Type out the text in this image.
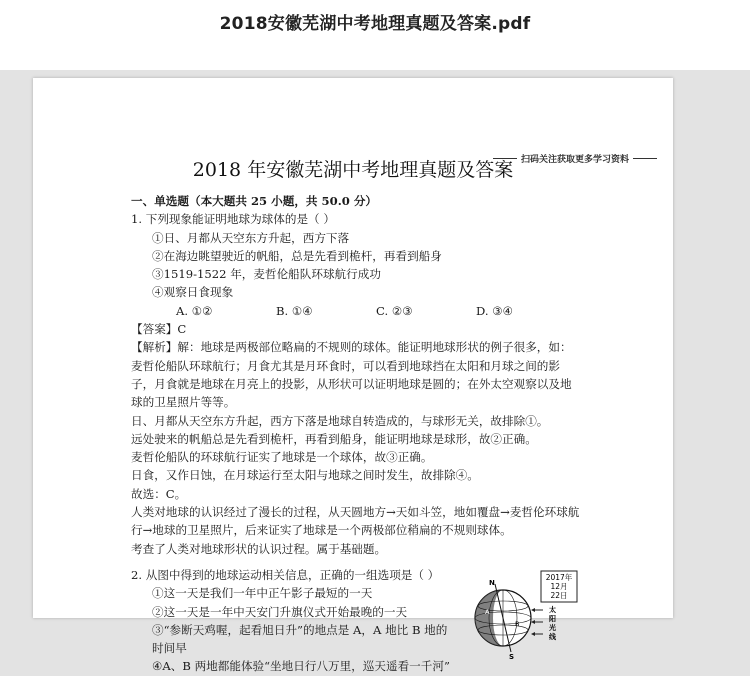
2018安徽芜湖中考地理真题及答案.pdf
扫码关注获取更多学习资料
2018 年安徽芜湖中考地理真题及答案
一、单选题（本大题共 25 小题，共 50.0 分）
1. 下列现象能证明地球为球体的是（ ）
①日、月都从天空东方升起，西方下落
②在海边眺望驶近的帆船，总是先看到桅杆，再看到船身
③1519-1522 年，麦哲伦船队环球航行成功
④观察日食现象
A. ①②	B. ①④	C. ②③	D. ③④
【答案】C
【解析】解：地球是两极部位略扁的不规则的球体。能证明地球形状的例子很多，如：麦哲伦船队环球航行；月食尤其是月环食时，可以看到地球挡在太阳和月球之间的影子，月食就是地球在月亮上的投影，从形状可以证明地球是圆的；在外太空观察以及地球的卫星照片等等。
日、月都从天空东方升起，西方下落是地球自转造成的，与球形无关，故排除①。
远处驶来的帆船总是先看到桅杆，再看到船身，能证明地球是球形，故②正确。
麦哲伦船队的环球航行证实了地球是一个球体，故③正确。
日食，又作日蚀，在月球运行至太阳与地球之间时发生，故排除④。
故选：C。
人类对地球的认识经过了漫长的过程，从天圆地方→天如斗笠，地如覆盘→麦哲伦环球航行→地球的卫星照片，后来证实了地球是一个两极部位稍扁的不规则球体。
考查了人类对地球形状的认识过程。属于基础题。
2. 从图中得到的地球运动相关信息，正确的一组选项是（ ）
①这一天是我们一年中正午影子最短的一天
②这一天是一年中天安门升旗仪式开始最晚的一天
③“参断天鸡喔，起看旭日升”的地点是 A，A 地比 B 地的时间早
④A、B 两地都能体验“坐地日行八万里，巡天遥看一千河”
2017年
12月
22日
太
阳
光
线
N
S
A
B
